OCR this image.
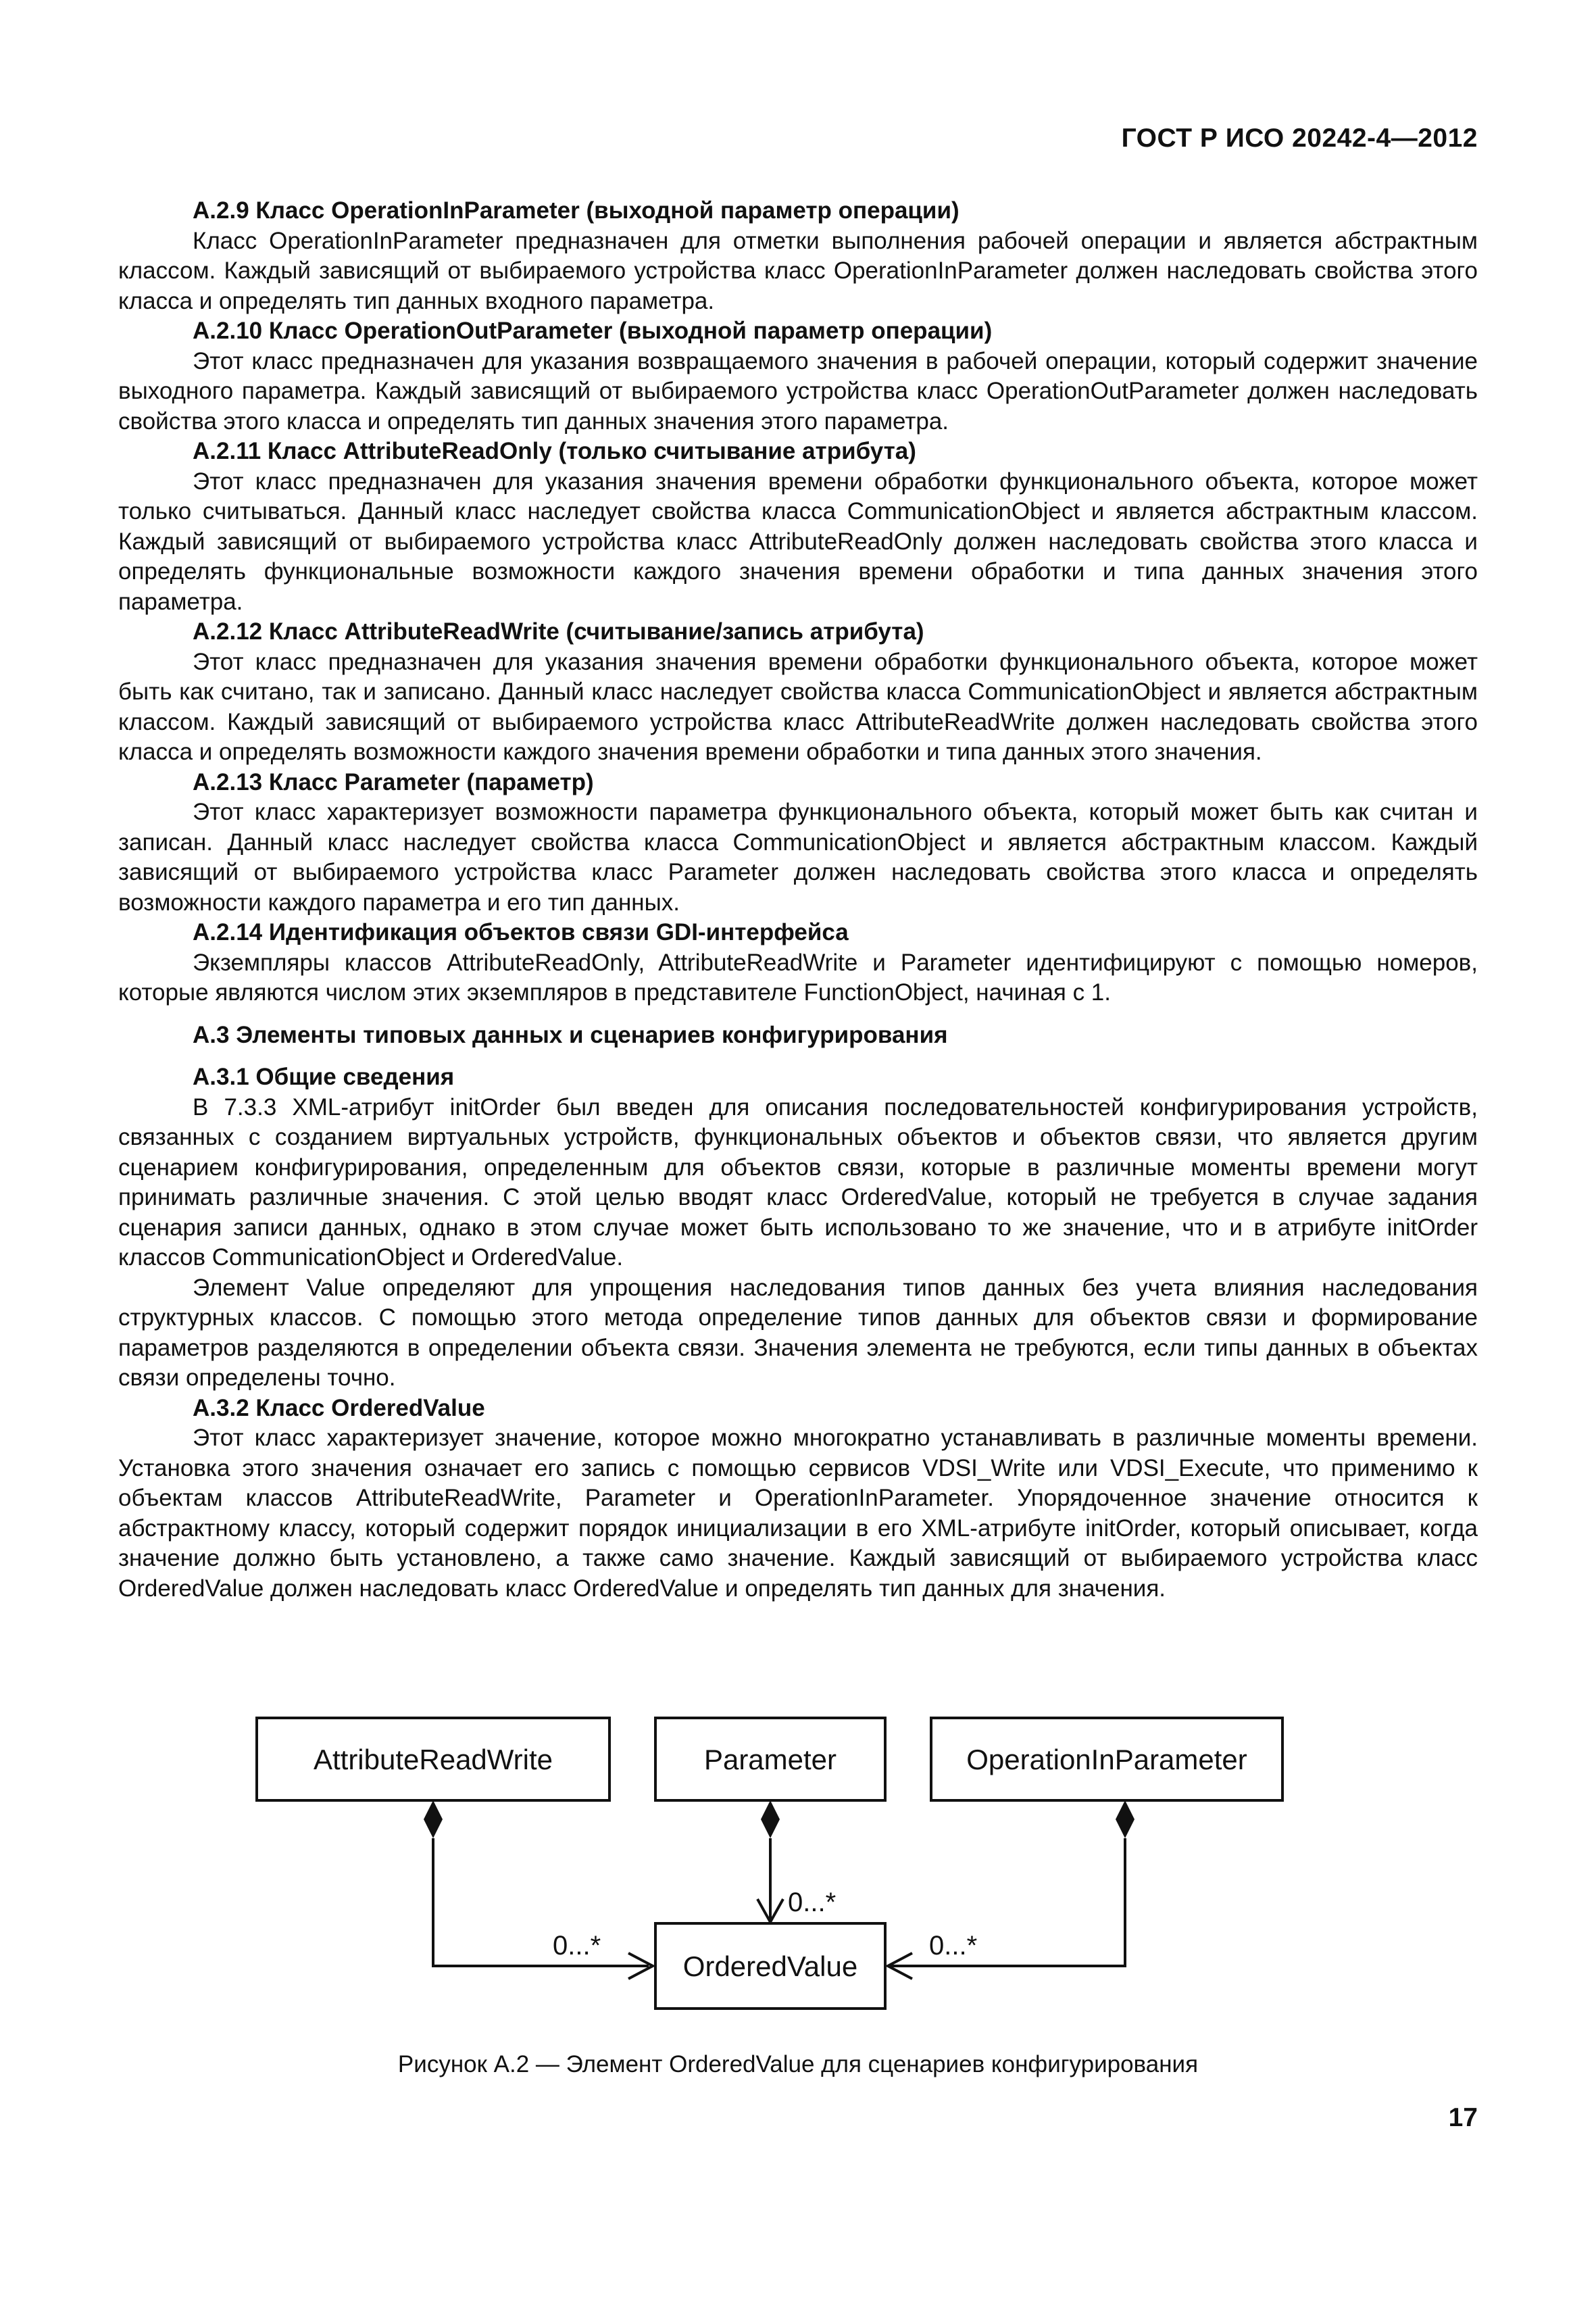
ГОСТ Р ИСО 20242-4—2012
А.2.9 Класс OperationInParameter (выходной параметр операции)
Класс OperationInParameter предназначен для отметки выполнения рабочей операции и является абстрактным классом. Каждый зависящий от выбираемого устройства класс OperationInParameter должен наследовать свойства этого класса и определять тип данных входного параметра.
А.2.10 Класс OperationOutParameter (выходной параметр операции)
Этот класс предназначен для указания возвращаемого значения в рабочей операции, который содержит значение выходного параметра. Каждый зависящий от выбираемого устройства класс OperationOutParameter должен наследовать свойства этого класса и определять тип данных значения этого параметра.
А.2.11 Класс AttributeReadOnly (только считывание атрибута)
Этот класс предназначен для указания значения времени обработки функционального объекта, которое может только считываться. Данный класс наследует свойства класса CommunicationObject и является абстрактным классом. Каждый зависящий от выбираемого устройства класс AttributeReadOnly должен наследовать свойства этого класса и определять функциональные возможности каждого значения времени обработки и типа данных значения этого параметра.
А.2.12 Класс AttributeReadWrite (считывание/запись атрибута)
Этот класс предназначен для указания значения времени обработки функционального объекта, которое может быть как считано, так и записано. Данный класс наследует свойства класса CommunicationObject и является абстрактным классом. Каждый зависящий от выбираемого устройства класс AttributeReadWrite должен наследовать свойства этого класса и определять возможности каждого значения времени обработки и типа данных этого значения.
А.2.13 Класс Parameter (параметр)
Этот класс характеризует возможности параметра функционального объекта, который может быть как считан и записан. Данный класс наследует свойства класса CommunicationObject и является абстрактным классом. Каждый зависящий от выбираемого устройства класс Parameter должен наследовать свойства этого класса и определять возможности каждого параметра и его тип данных.
А.2.14 Идентификация объектов связи GDI-интерфейса
Экземпляры классов AttributeReadOnly, AttributeReadWrite и Parameter идентифицируют с помощью номеров, которые являются числом этих экземпляров в представителе FunctionObject, начиная с 1.
А.3 Элементы типовых данных и сценариев конфигурирования
А.3.1 Общие сведения
В 7.3.3 XML-атрибут initOrder был введен для описания последовательностей конфигурирования устройств, связанных с созданием виртуальных устройств, функциональных объектов и объектов связи, что является другим сценарием конфигурирования, определенным для объектов связи, которые в различные моменты времени могут принимать различные значения. С этой целью вводят класс OrderedValue, который не требуется в случае задания сценария записи данных, однако в этом случае может быть использовано то же значение, что и в атрибуте initOrder классов CommunicationObject и OrderedValue.
Элемент Value определяют для упрощения наследования типов данных без учета влияния наследования структурных классов. С помощью этого метода определение типов данных для объектов связи и формирование параметров разделяются в определении объекта связи. Значения элемента не требуются, если типы данных в объектах связи определены точно.
А.3.2 Класс OrderedValue
Этот класс характеризует значение, которое можно многократно устанавливать в различные моменты времени. Установка этого значения означает его запись с помощью сервисов VDSI_Write или VDSI_Execute, что применимо к объектам классов AttributeReadWrite, Parameter и OperationInParameter. Упорядоченное значение относится к абстрактному классу, который содержит порядок инициализации в его XML-атрибуте initOrder, который описывает, когда значение должно быть установлено, а также само значение. Каждый зависящий от выбираемого устройства класс OrderedValue должен наследовать класс OrderedValue и определять тип данных для значения.
AttributeReadWrite	Parameter	OperationInParameter
OrderedValue
0...*
0...*
0...*
Рисунок А.2 — Элемент OrderedValue для сценариев конфигурирования
17
